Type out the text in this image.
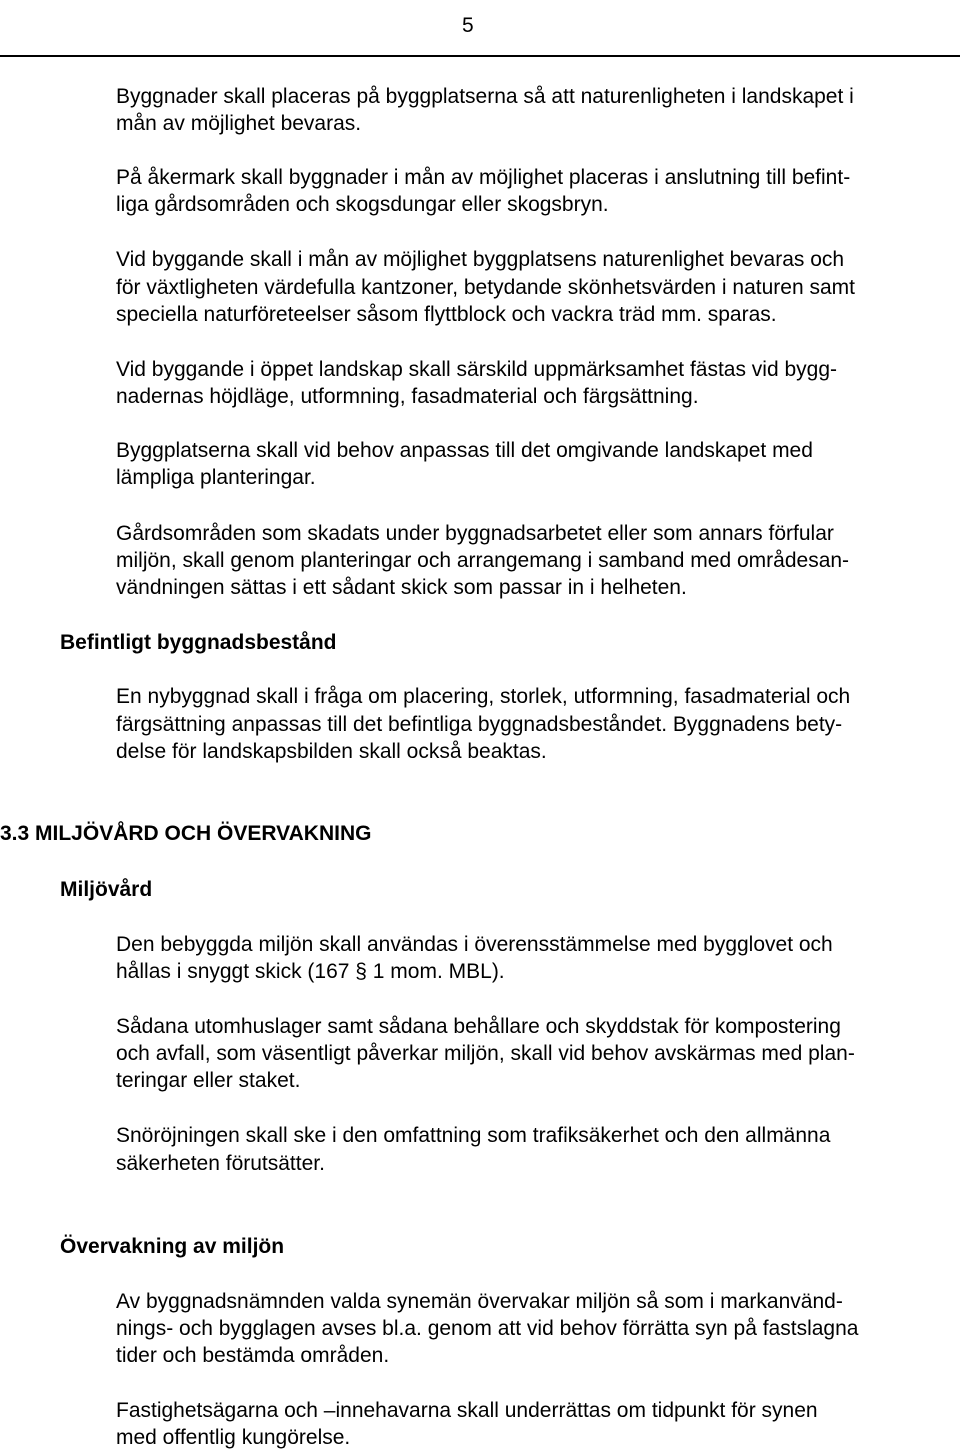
5
Byggnader skall placeras på byggplatserna så att naturenligheten i landskapet i
mån av möjlighet bevaras.
På åkermark skall byggnader i mån av möjlighet placeras i anslutning till befint-
liga gårdsområden och skogsdungar eller skogsbryn.
Vid byggande skall i mån av möjlighet byggplatsens naturenlighet bevaras och
för växtligheten värdefulla kantzoner, betydande skönhetsvärden i naturen samt
speciella naturföreteelser såsom flyttblock och vackra träd mm. sparas.
Vid byggande i öppet landskap skall särskild uppmärksamhet fästas vid bygg-
nadernas höjdläge, utformning, fasadmaterial och färgsättning.
Byggplatserna skall vid behov anpassas till det omgivande landskapet med
lämpliga planteringar.
Gårdsområden som skadats under byggnadsarbetet eller som annars förfular
miljön, skall genom planteringar och arrangemang i samband med områdesan-
vändningen sättas i ett sådant skick som passar in i helheten.
Befintligt byggnadsbestånd
En nybyggnad skall i fråga om placering, storlek, utformning, fasadmaterial och
färgsättning anpassas till det befintliga byggnadsbeståndet. Byggnadens bety-
delse för landskapsbilden skall också beaktas.
3.3 MILJÖVÅRD OCH ÖVERVAKNING
Miljövård
Den bebyggda miljön skall användas i överensstämmelse med bygglovet och
hållas i snyggt skick (167 § 1 mom. MBL).
Sådana utomhuslager samt sådana behållare och skyddstak för kompostering
och avfall, som väsentligt påverkar miljön, skall vid behov avskärmas med plan-
teringar eller staket.
Snöröjningen skall ske i den omfattning som trafiksäkerhet och den allmänna
säkerheten förutsätter.
Övervakning av miljön
Av byggnadsnämnden valda synemän övervakar miljön så som i markanvänd-
nings- och bygglagen avses bl.a. genom att vid behov förrätta syn på fastslagna
tider och bestämda områden.
Fastighetsägarna och –innehavarna skall underrättas om tidpunkt för synen
med offentlig kungörelse.
